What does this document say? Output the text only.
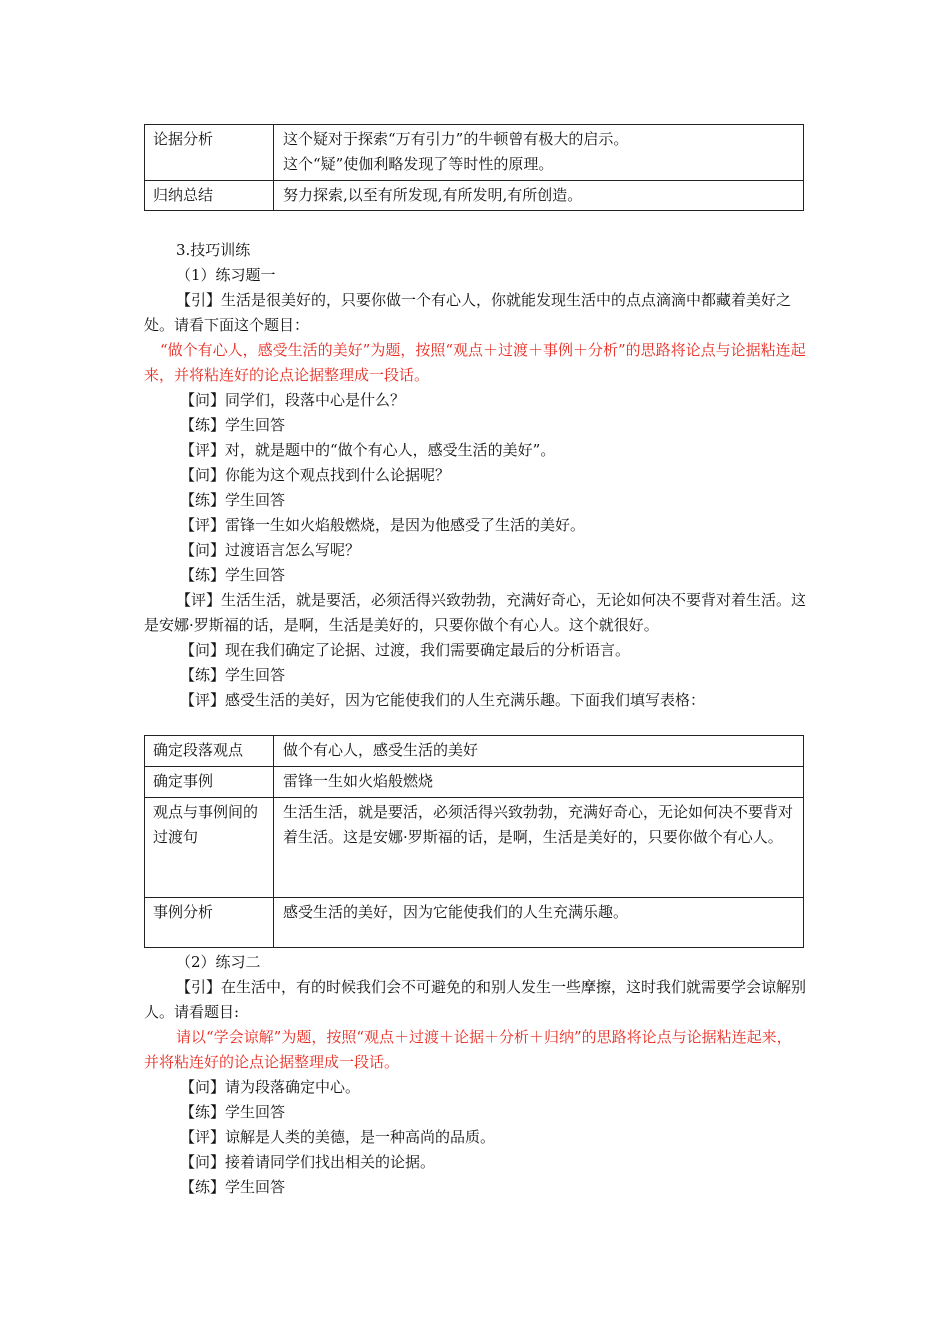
论据分析	这个疑对于探索“万有引力”的牛顿曾有极大的启示。
这个“疑”使伽利略发现了等时性的原理。

归纳总结	努力探索,以至有所发现,有所发明,有所创造。
3.技巧训练
（1）练习题一
【引】生活是很美好的，只要你做一个有心人，你就能发现生活中的点点滴滴中都藏着美好之处。请看下面这个题目：
“做个有心人，感受生活的美好”为题，按照“观点＋过渡＋事例＋分析”的思路将论点与论据粘连起来，并将粘连好的论点论据整理成一段话。
【问】同学们，段落中心是什么？
【练】学生回答
【评】对，就是题中的“做个有心人，感受生活的美好”。
【问】你能为这个观点找到什么论据呢？
【练】学生回答
【评】雷锋一生如火焰般燃烧，是因为他感受了生活的美好。
【问】过渡语言怎么写呢？
【练】学生回答
【评】生活生活，就是要活，必须活得兴致勃勃，充满好奇心，无论如何决不要背对着生活。这是安娜·罗斯福的话，是啊，生活是美好的，只要你做个有心人。这个就很好。
【问】现在我们确定了论据、过渡，我们需要确定最后的分析语言。
【练】学生回答
【评】感受生活的美好，因为它能使我们的人生充满乐趣。下面我们填写表格：
确定段落观点	做个有心人，感受生活的美好
确定事例	雷锋一生如火焰般燃烧
观点与事例间的过渡句	生活生活，就是要活，必须活得兴致勃勃，充满好奇心，无论如何决不要背对着生活。这是安娜·罗斯福的话，是啊，生活是美好的，只要你做个有心人。
事例分析	感受生活的美好，因为它能使我们的人生充满乐趣。
（2）练习二
【引】在生活中，有的时候我们会不可避免的和别人发生一些摩擦，这时我们就需要学会谅解别人。请看题目:
请以“学会谅解”为题，按照“观点＋过渡＋论据＋分析＋归纳”的思路将论点与论据粘连起来，并将粘连好的论点论据整理成一段话。
【问】请为段落确定中心。
【练】学生回答
【评】谅解是人类的美德，是一种高尚的品质。
【问】接着请同学们找出相关的论据。
【练】学生回答
